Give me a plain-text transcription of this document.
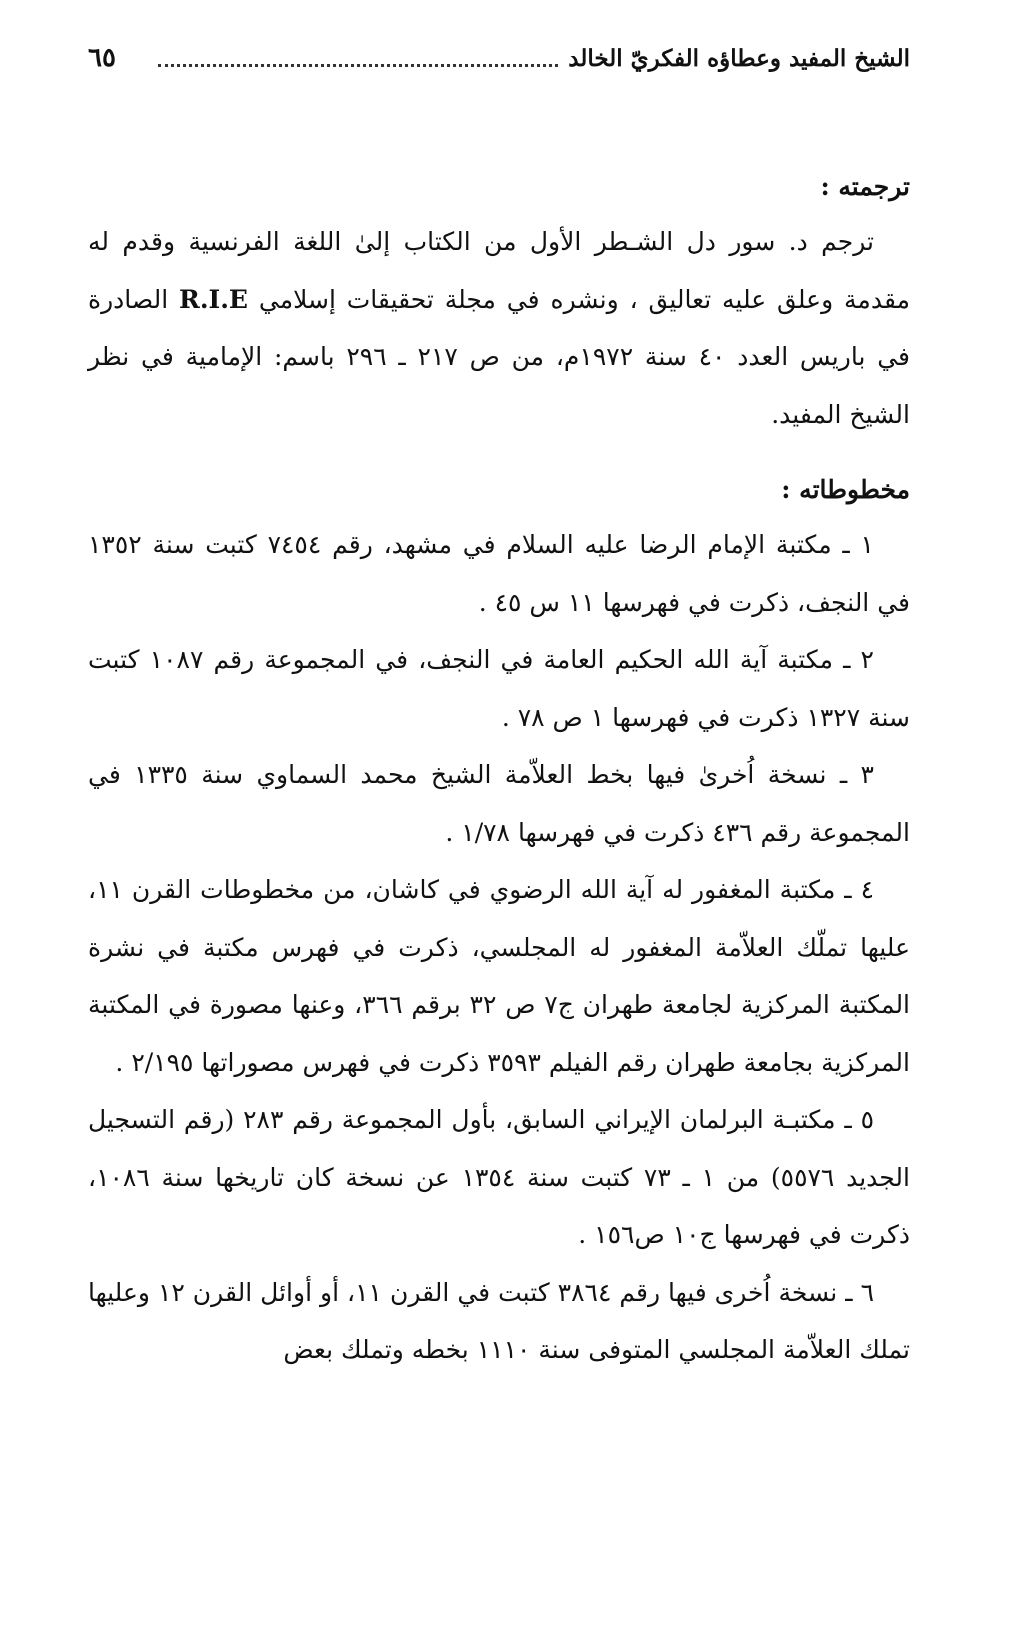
٦٥	الشيخ المفيد وعطاؤه الفكريّ الخالد
ترجمته :

ترجم د. سور دل الشـطر الأول من الكتاب إلىٰ اللغة الفرنسية وقدم له مقدمة وعلق عليه تعاليق ، ونشره في مجلة تحقيقات إسلامي R.I.E الصادرة في باريس العدد ٤٠ سنة ١٩٧٢م، من ص ٢١٧ ـ ٢٩٦ باسم: الإمامية في نظر الشيخ المفيد.

مخطوطاته :

١ ـ مكتبة الإمام الرضا عليه السلام في مشهد، رقم ٧٤٥٤ كتبت سنة ١٣٥٢ في النجف، ذكرت في فهرسها ١١ س ٤٥ .

٢ ـ مكتبة آية الله الحكيم العامة في النجف، في المجموعة رقم ١٠٨٧ كتبت سنة ١٣٢٧ ذكرت في فهرسها ١ ص ٧٨ .

٣ ـ نسخة اُخرىٰ فيها بخط العلاّمة الشيخ محمد السماوي سنة ١٣٣٥ في المجموعة رقم ٤٣٦ ذكرت في فهرسها ١/٧٨ .

٤ ـ مكتبة المغفور له آية الله الرضوي في كاشان، من مخطوطات القرن ١١، عليها تملّك العلاّمة المغفور له المجلسي، ذكرت في فهرس مكتبة في نشرة المكتبة المركزية لجامعة طهران ج٧ ص ٣٢ برقم ٣٦٦، وعنها مصورة في المكتبة المركزية بجامعة طهران رقم الفيلم ٣٥٩٣ ذكرت في فهرس مصوراتها ٢/١٩٥ .

٥ ـ مكتبـة البرلمان الإيراني السابق، بأول المجموعة رقم ٢٨٣ (رقم التسجيل الجديد ٥٥٧٦) من ١ ـ ٧٣ كتبت سنة ١٣٥٤ عن نسخة كان تاريخها سنة ١٠٨٦، ذكرت في فهرسها ج١٠ ص١٥٦ .

٦ ـ نسخة اُخرى فيها رقم ٣٨٦٤ كتبت في القرن ١١، أو أوائل القرن ١٢ وعليها تملك العلاّمة المجلسي المتوفى سنة ١١١٠ بخطه وتملك بعض
